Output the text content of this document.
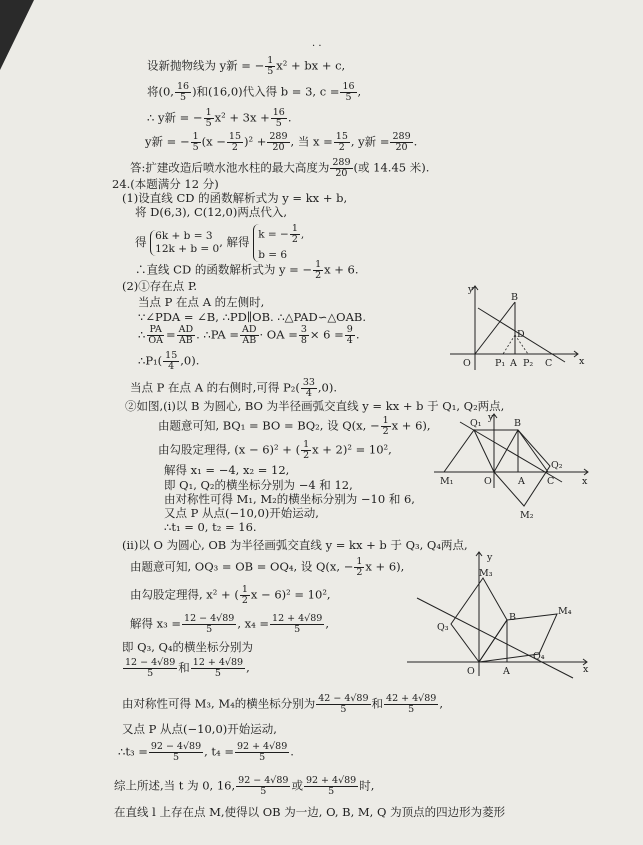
· ·
设新抛物线为 y新 = − $\frac{1}{5} x^2$ + bx + c,
将(0, $\frac{16}{5}$ )和(16,0)代入得 b = 3, $c = \frac{16}{5}$ ,
∴ y新 = − $\frac{1}{5} x^2 + 3x + \frac{16}{5}$ .
y新 = − $\frac{1}{5} (x - \frac{15}{2} )^2 + \frac{289}{20}$ , 当 $x = \frac{15}{2}$ , y新 = $\frac{289}{20}$ .
答:扩建改造后喷水池水柱的最大高度为 $\frac{289}{20}$ (或 14.45 米).
24.(本题满分 12 分)
(1)设直线 CD 的函数解析式为 y = kx + b,
将 D(6,3), C(12,0)两点代入,
得 6k + b = 3
12k + b = 0 , 解得
k = − $\frac{1}{2}$ ,
b = 6
∴直线 CD 的函数解析式为 y = − $\frac{1}{2}$ x + 6.
(2)①存在点 P.
当点 P 在点 A 的左侧时,
∵∠PDA = ∠B, ∴PD∥OB. ∴△PAD∽△OAB.
∴ $\frac{PA}{OA} = \frac{AD}{AB}$ . ∴PA = $\frac{AD}{AB}$ · OA = $\frac{3}{8} \times 6 = \frac{9}{4}$ .
∴P₁( $\frac{15}{4} ,0$).
当点 P 在点 A 的右侧时,可得 $P_2( \frac{33}{4} ,0)$.
②如图,(i)以 B 为圆心, BO 为半径画弧交直线 y = kx + b 于 Q₁, Q₂两点,
由题意可知, BQ₁ = BO = BQ₂, 设 Q(x, − $\frac{1}{2}$ x + 6),
由勾股定理得, (x − 6)² + ( $\frac{1}{2}$ x + 2)² = 10²,
解得 x₁ = −4, x₂ = 12,
即 Q₁, Q₂的横坐标分别为 −4 和 12,
由对称性可得 M₁, M₂的横坐标分别为 −10 和 6,
又点 P 从点(−10,0)开始运动,
∴t₁ = 0, t₂ = 16.
(ii)以 O 为圆心, OB 为半径画弧交直线 y = kx + b 于 Q₃, Q₄两点,
由题意可知, OQ₃ = OB = OQ₄, 设 Q(x, − $\frac{1}{2}$ x + 6),
由勾股定理得, x² + ( $\frac{1}{2}$ x − 6)² = 10²,
解得 $x_3 = \frac{12 - 4√89}{5}$ , $x_4 = \frac{12 + 4√89}{5}$ ,
即 Q₃, Q₄的横坐标分别为
$\frac{12 - 4√89}{5}$ 和 $\frac{12 + 4√89}{5}$ ,
由对称性可得 M₃, M₄的横坐标分别为 $\frac{42 - 4√89}{5}$ 和 $\frac{42 + 4√89}{5}$ ,
又点 P 从点(−10,0)开始运动,
∴t₃ = $\frac{92 - 4√89}{5}$ , $t_4 = \frac{92 + 4√89}{5}$ .
综上所述,当 t 为 0, 16, $\frac{92 - 4√89}{5}$ 或 $\frac{92 + 4√89}{5}$ 时,
在直线 l 上存在点 M,使得以 OB 为一边, O, B, M, Q 为顶点的四边形为菱形
y
x
O
B
D
P₁ A P₂ C
y
x
O
Q₁	B
Q₂
M₁	A C
M₂
y
x
O
M₃
B
M₄
Q₃
Q₄
A
